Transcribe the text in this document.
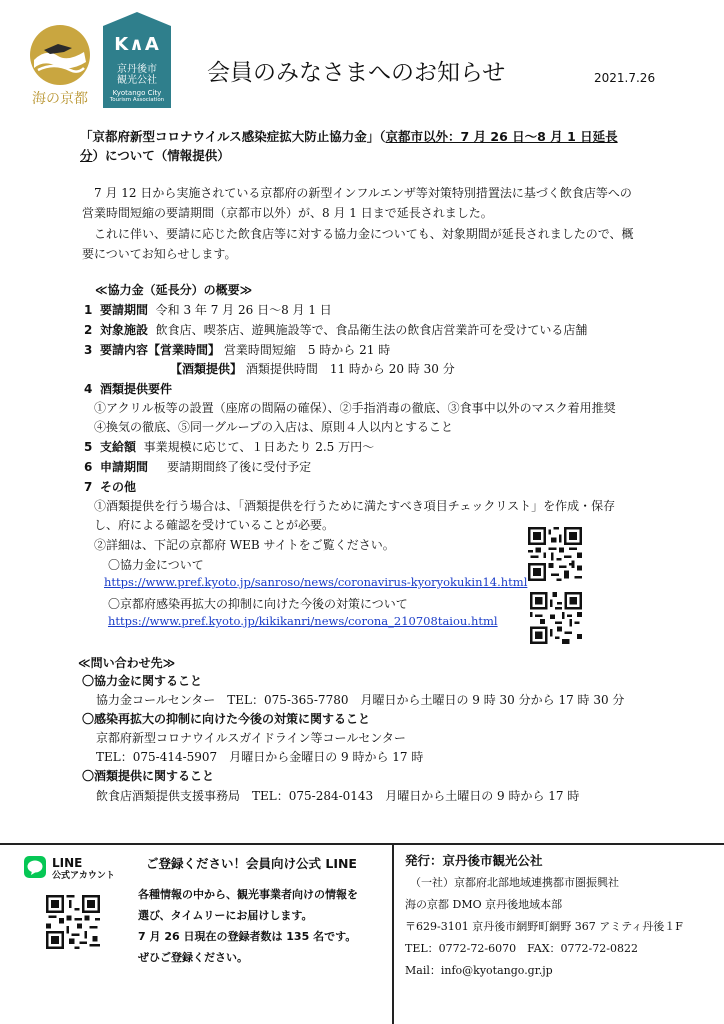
海の京都
K∧A
京丹後市
観光公社
Kyotango City
Tourism Association
会員のみなさまへのお知らせ	2021.7.26
「京都府新型コロナウイルス感染症拡大防止協力金」（京都市以外：7 月 26 日～8 月 1 日延長
分）について（情報提供）
7 月 12 日から実施されている京都府の新型インフルエンザ等対策特別措置法に基づく飲食店等への
営業時間短縮の要請期間（京都市以外）が、8 月 1 日まで延長されました。
これに伴い、要請に応じた飲食店等に対する協力金についても、対象期間が延長されましたので、概
要についてお知らせします。
≪協力金（延長分）の概要≫
1 要請期間 令和 3 年 7 月 26 日～8 月 1 日
2 対象施設 飲食店、喫茶店、遊興施設等で、食品衛生法の飲食店営業許可を受けている店舗
3 要請内容【営業時間】 営業時間短縮　5 時から 21 時
【酒類提供】 酒類提供時間　11 時から 20 時 30 分
4 酒類提供要件
①アクリル板等の設置（座席の間隔の確保）、②手指消毒の徹底、③食事中以外のマスク着用推奨
④換気の徹底、⑤同一グループの入店は、原則４人以内とすること
5 支給額 事業規模に応じて、１日あたり 2.5 万円～
6 申請期間 要請期間終了後に受付予定
7 その他
①酒類提供を行う場合は、「酒類提供を行うために満たすべき項目チェックリスト」を作成・保存
し、府による確認を受けていることが必要。
②詳細は、下記の京都府 WEB サイトをご覧ください。
〇協力金について
https://www.pref.kyoto.jp/sanroso/news/coronavirus-kyoryokukin14.html
〇京都府感染再拡大の抑制に向けた今後の対策について
https://www.pref.kyoto.jp/kikikanri/news/corona_210708taiou.html
≪問い合わせ先≫
〇協力金に関すること
協力金コールセンター　TEL：075-365-7780　月曜日から土曜日の 9 時 30 分から 17 時 30 分
〇感染再拡大の抑制に向けた今後の対策に関すること
京都府新型コロナウイルスガイドライン等コールセンター
TEL：075-414-5907　月曜日から金曜日の 9 時から 17 時
〇酒類提供に関すること
飲食店酒類提供支援事務局　TEL：075-284-0143　月曜日から土曜日の 9 時から 17 時
LINE
公式アカウント
ご登録ください！会員向け公式 LINE
各種情報の中から、観光事業者向けの情報を
選び、タイムリーにお届けします。
7 月 26 日現在の登録者数は 135 名です。
ぜひご登録ください。
発行：京丹後市観光公社
（一社）京都府北部地域連携都市圏振興社
海の京都 DMO 京丹後地域本部
〒629-3101 京丹後市網野町網野 367 アミティ丹後１F
TEL：0772-72-6070　FAX：0772-72-0822
Mail：info@kyotango.gr.jp
